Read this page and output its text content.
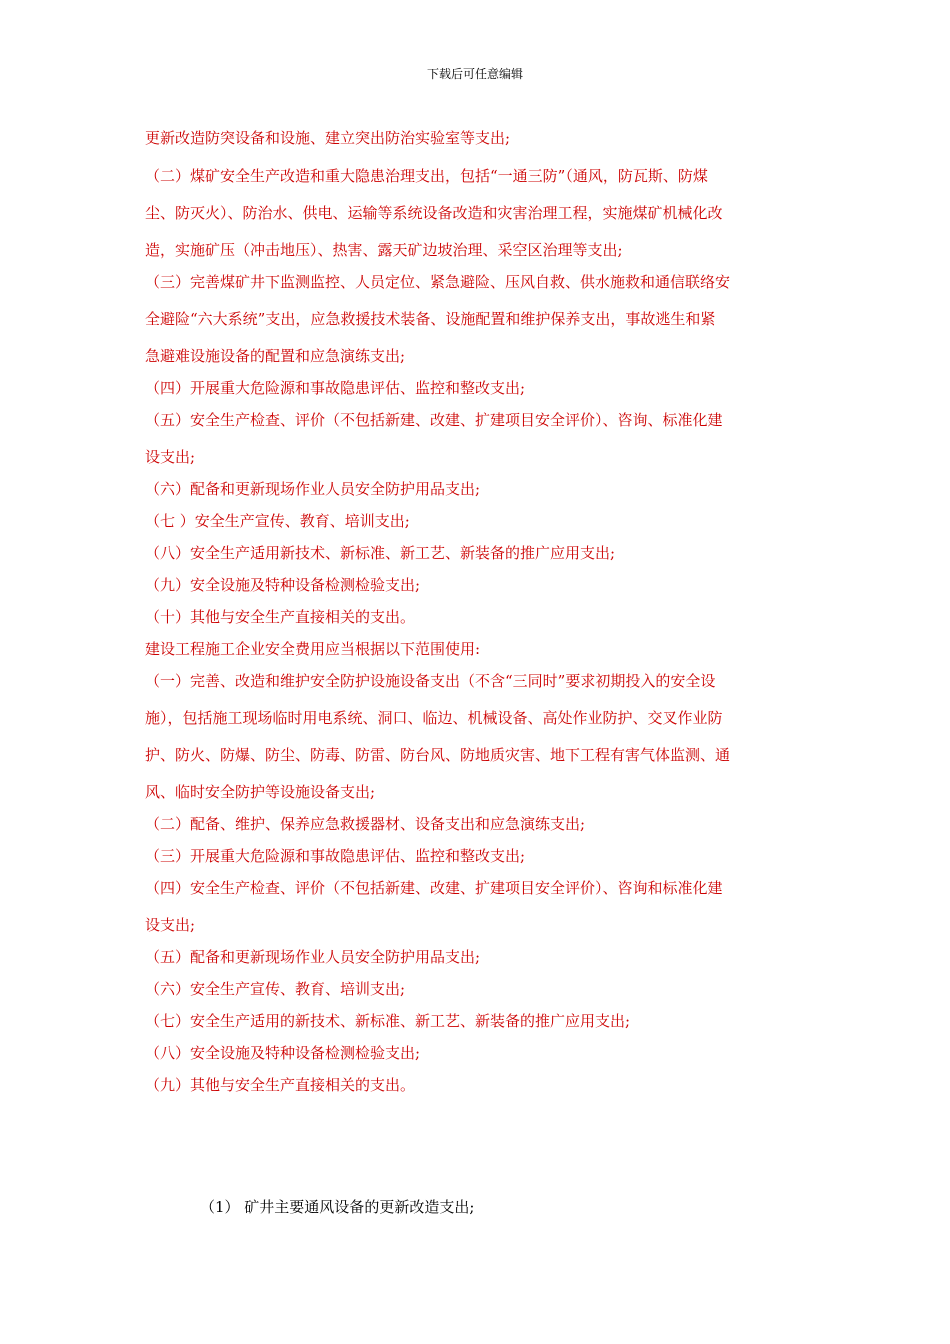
下载后可任意编辑
更新改造防突设备和设施、建立突出防治实验室等支出;
（二）煤矿安全生产改造和重大隐患治理支出，包括“一通三防”（通风，防瓦斯、防煤
尘、防灭火）、防治水、供电、运输等系统设备改造和灾害治理工程，实施煤矿机械化改
造，实施矿压（冲击地压）、热害、露天矿边坡治理、采空区治理等支出;
（三）完善煤矿井下监测监控、人员定位、紧急避险、压风自救、供水施救和通信联络安
全避险“六大系统”支出，应急救援技术装备、设施配置和维护保养支出，事故逃生和紧
急避难设施设备的配置和应急演练支出;
（四）开展重大危险源和事故隐患评估、监控和整改支出;
（五）安全生产检查、评价（不包括新建、改建、扩建项目安全评价）、咨询、标准化建
设支出;
（六）配备和更新现场作业人员安全防护用品支出;
（七 ）安全生产宣传、教育、培训支出;
（八）安全生产适用新技术、新标准、新工艺、新装备的推广应用支出;
（九）安全设施及特种设备检测检验支出;
（十）其他与安全生产直接相关的支出。
建设工程施工企业安全费用应当根据以下范围使用:
（一）完善、改造和维护安全防护设施设备支出（不含“三同时”要求初期投入的安全设
施），包括施工现场临时用电系统、洞口、临边、机械设备、高处作业防护、交叉作业防
护、防火、防爆、防尘、防毒、防雷、防台风、防地质灾害、地下工程有害气体监测、通
风、临时安全防护等设施设备支出;
（二）配备、维护、保养应急救援器材、设备支出和应急演练支出;
（三）开展重大危险源和事故隐患评估、监控和整改支出;
（四）安全生产检查、评价（不包括新建、改建、扩建项目安全评价）、咨询和标准化建
设支出;
（五）配备和更新现场作业人员安全防护用品支出;
（六）安全生产宣传、教育、培训支出;
（七）安全生产适用的新技术、新标准、新工艺、新装备的推广应用支出;
（八）安全设施及特种设备检测检验支出;
（九）其他与安全生产直接相关的支出。
（1） 矿井主要通风设备的更新改造支出;
